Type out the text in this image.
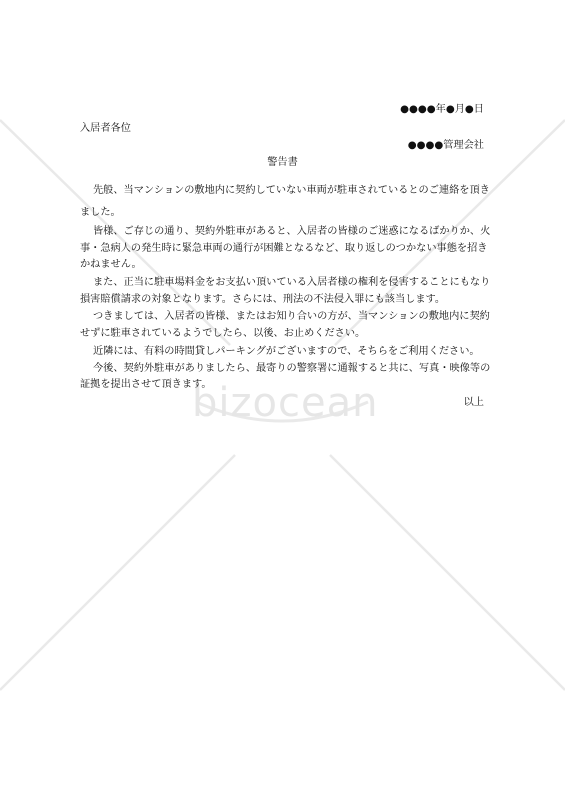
bizocean
●●●●年●月●日
入居者各位
●●●●管理会社
警告書
先般、当マンションの敷地内に契約していない車両が駐車されているとのご連絡を頂き
ました。
皆様、ご存じの通り、契約外駐車があると、入居者の皆様のご迷惑になるばかりか、火
事・急病人の発生時に緊急車両の通行が困難となるなど、取り返しのつかない事態を招き
かねません。
また、正当に駐車場料金をお支払い頂いている入居者様の権利を侵害することにもなり
損害賠償請求の対象となります。さらには、刑法の不法侵入罪にも該当します。
つきましては、入居者の皆様、またはお知り合いの方が、当マンションの敷地内に契約
せずに駐車されているようでしたら、以後、お止めください。
近隣には、有料の時間貸しパーキングがございますので、そちらをご利用ください。
今後、契約外駐車がありましたら、最寄りの警察署に通報すると共に、写真・映像等の
証拠を提出させて頂きます。
以上
